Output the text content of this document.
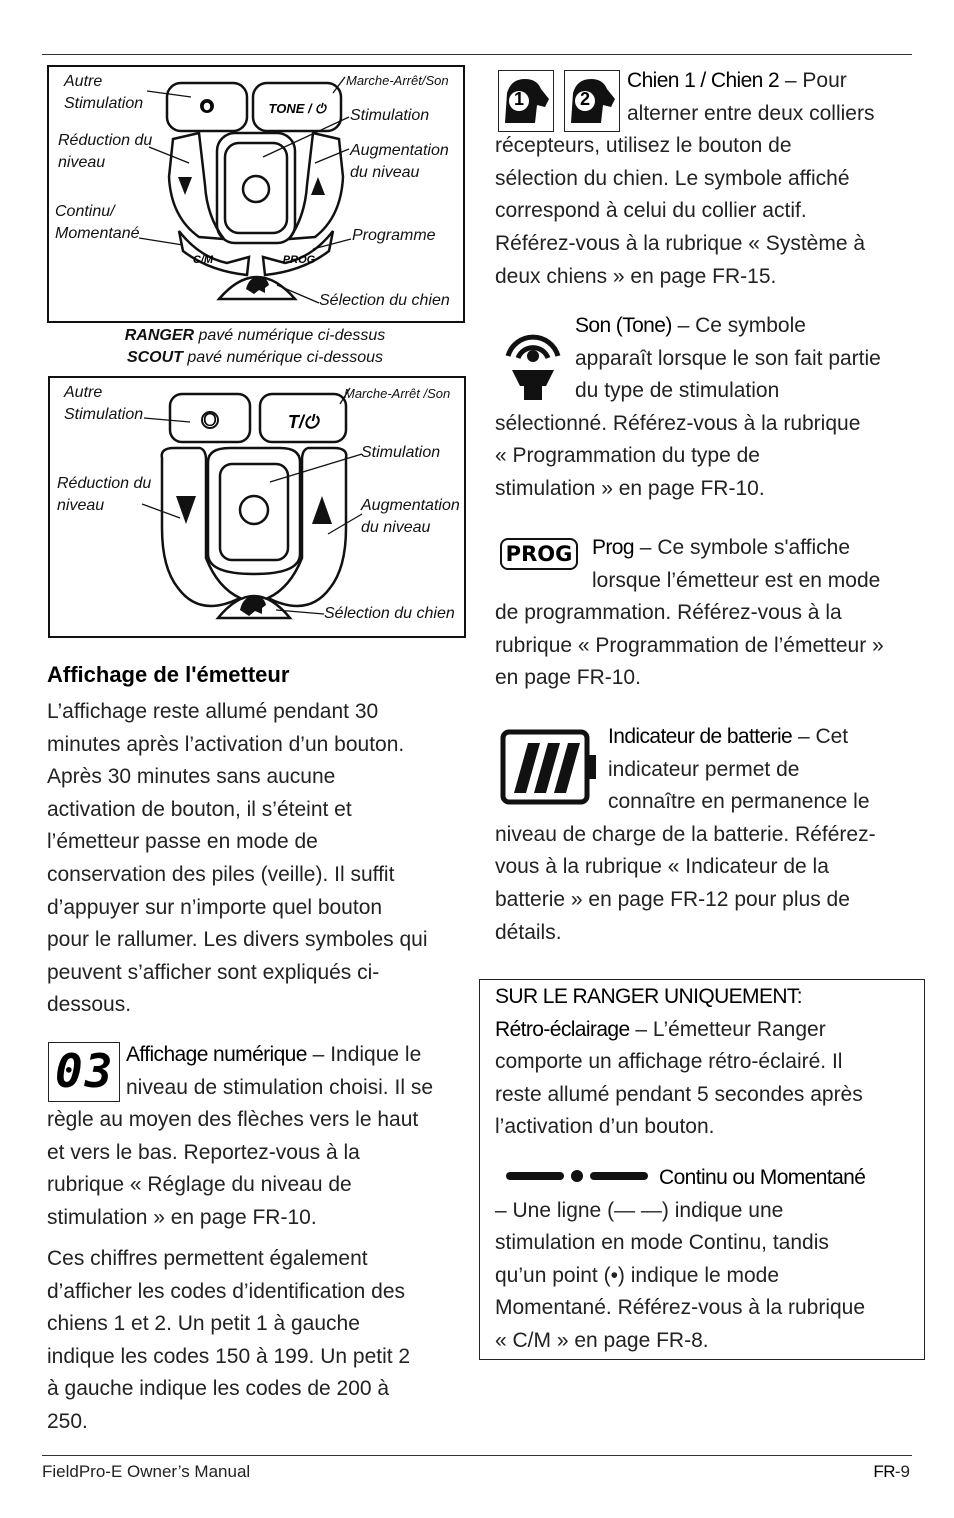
O	TONE / ⏻
C/M	PROG
Autre
Stimulation
Marche-Arrêt/Son
Stimulation
Réduction du
niveau
Augmentation
du niveau
Continu/
Momentané	Programme
Sélection du chien
RANGER pavé numérique ci-dessus
SCOUT pavé numérique ci-dessous
O	T/⏻
Autre
Stimulation
Marche-Arrêt /Son
Stimulation
Réduction du
niveau	Augmentation
du niveau
Sélection du chien
Affichage de l'émetteur
L’affichage reste allumé pendant 30
minutes après l’activation d’un bouton.
Après 30 minutes sans aucune
activation de bouton, il s’éteint et
l’émetteur passe en mode de
conservation des piles (veille). Il suffit
d’appuyer sur n’importe quel bouton
pour le rallumer. Les divers symboles qui
peuvent s’afficher sont expliqués ci-
dessous.
03 Affichage numérique – Indique le
niveau de stimulation choisi. Il se
règle au moyen des flèches vers le haut
et vers le bas. Reportez-vous à la
rubrique « Réglage du niveau de
stimulation » en page FR-10.
Ces chiffres permettent également
d’afficher les codes d’identification des
chiens 1 et 2. Un petit 1 à gauche
indique les codes 150 à 199. Un petit 2
à gauche indique les codes de 200 à
250.
1	2
Chien 1 / Chien 2 – Pour
alterner entre deux colliers
récepteurs, utilisez le bouton de
sélection du chien. Le symbole affiché
correspond à celui du collier actif.
Référez-vous à la rubrique « Système à
deux chiens » en page FR-15.
Son (Tone) – Ce symbole
apparaît lorsque le son fait partie
du type de stimulation
sélectionné. Référez-vous à la rubrique
« Programmation du type de
stimulation » en page FR-10.
PROG Prog – Ce symbole s'affiche
lorsque l’émetteur est en mode
de programmation. Référez-vous à la
rubrique « Programmation de l’émetteur »
en page FR-10.
Indicateur de batterie – Cet
indicateur permet de
connaître en permanence le
niveau de charge de la batterie. Référez-
vous à la rubrique « Indicateur de la
batterie » en page FR-12 pour plus de
détails.
SUR LE RANGER UNIQUEMENT:
Rétro-éclairage – L’émetteur Ranger
comporte un affichage rétro-éclairé. Il
reste allumé pendant 5 secondes après
l’activation d’un bouton.
Continu ou Momentané
– Une ligne (— —) indique une
stimulation en mode Continu, tandis
qu’un point (•) indique le mode
Momentané. Référez-vous à la rubrique
« C/M » en page FR-8.
FieldPro-E Owner’s Manual	FR-9
